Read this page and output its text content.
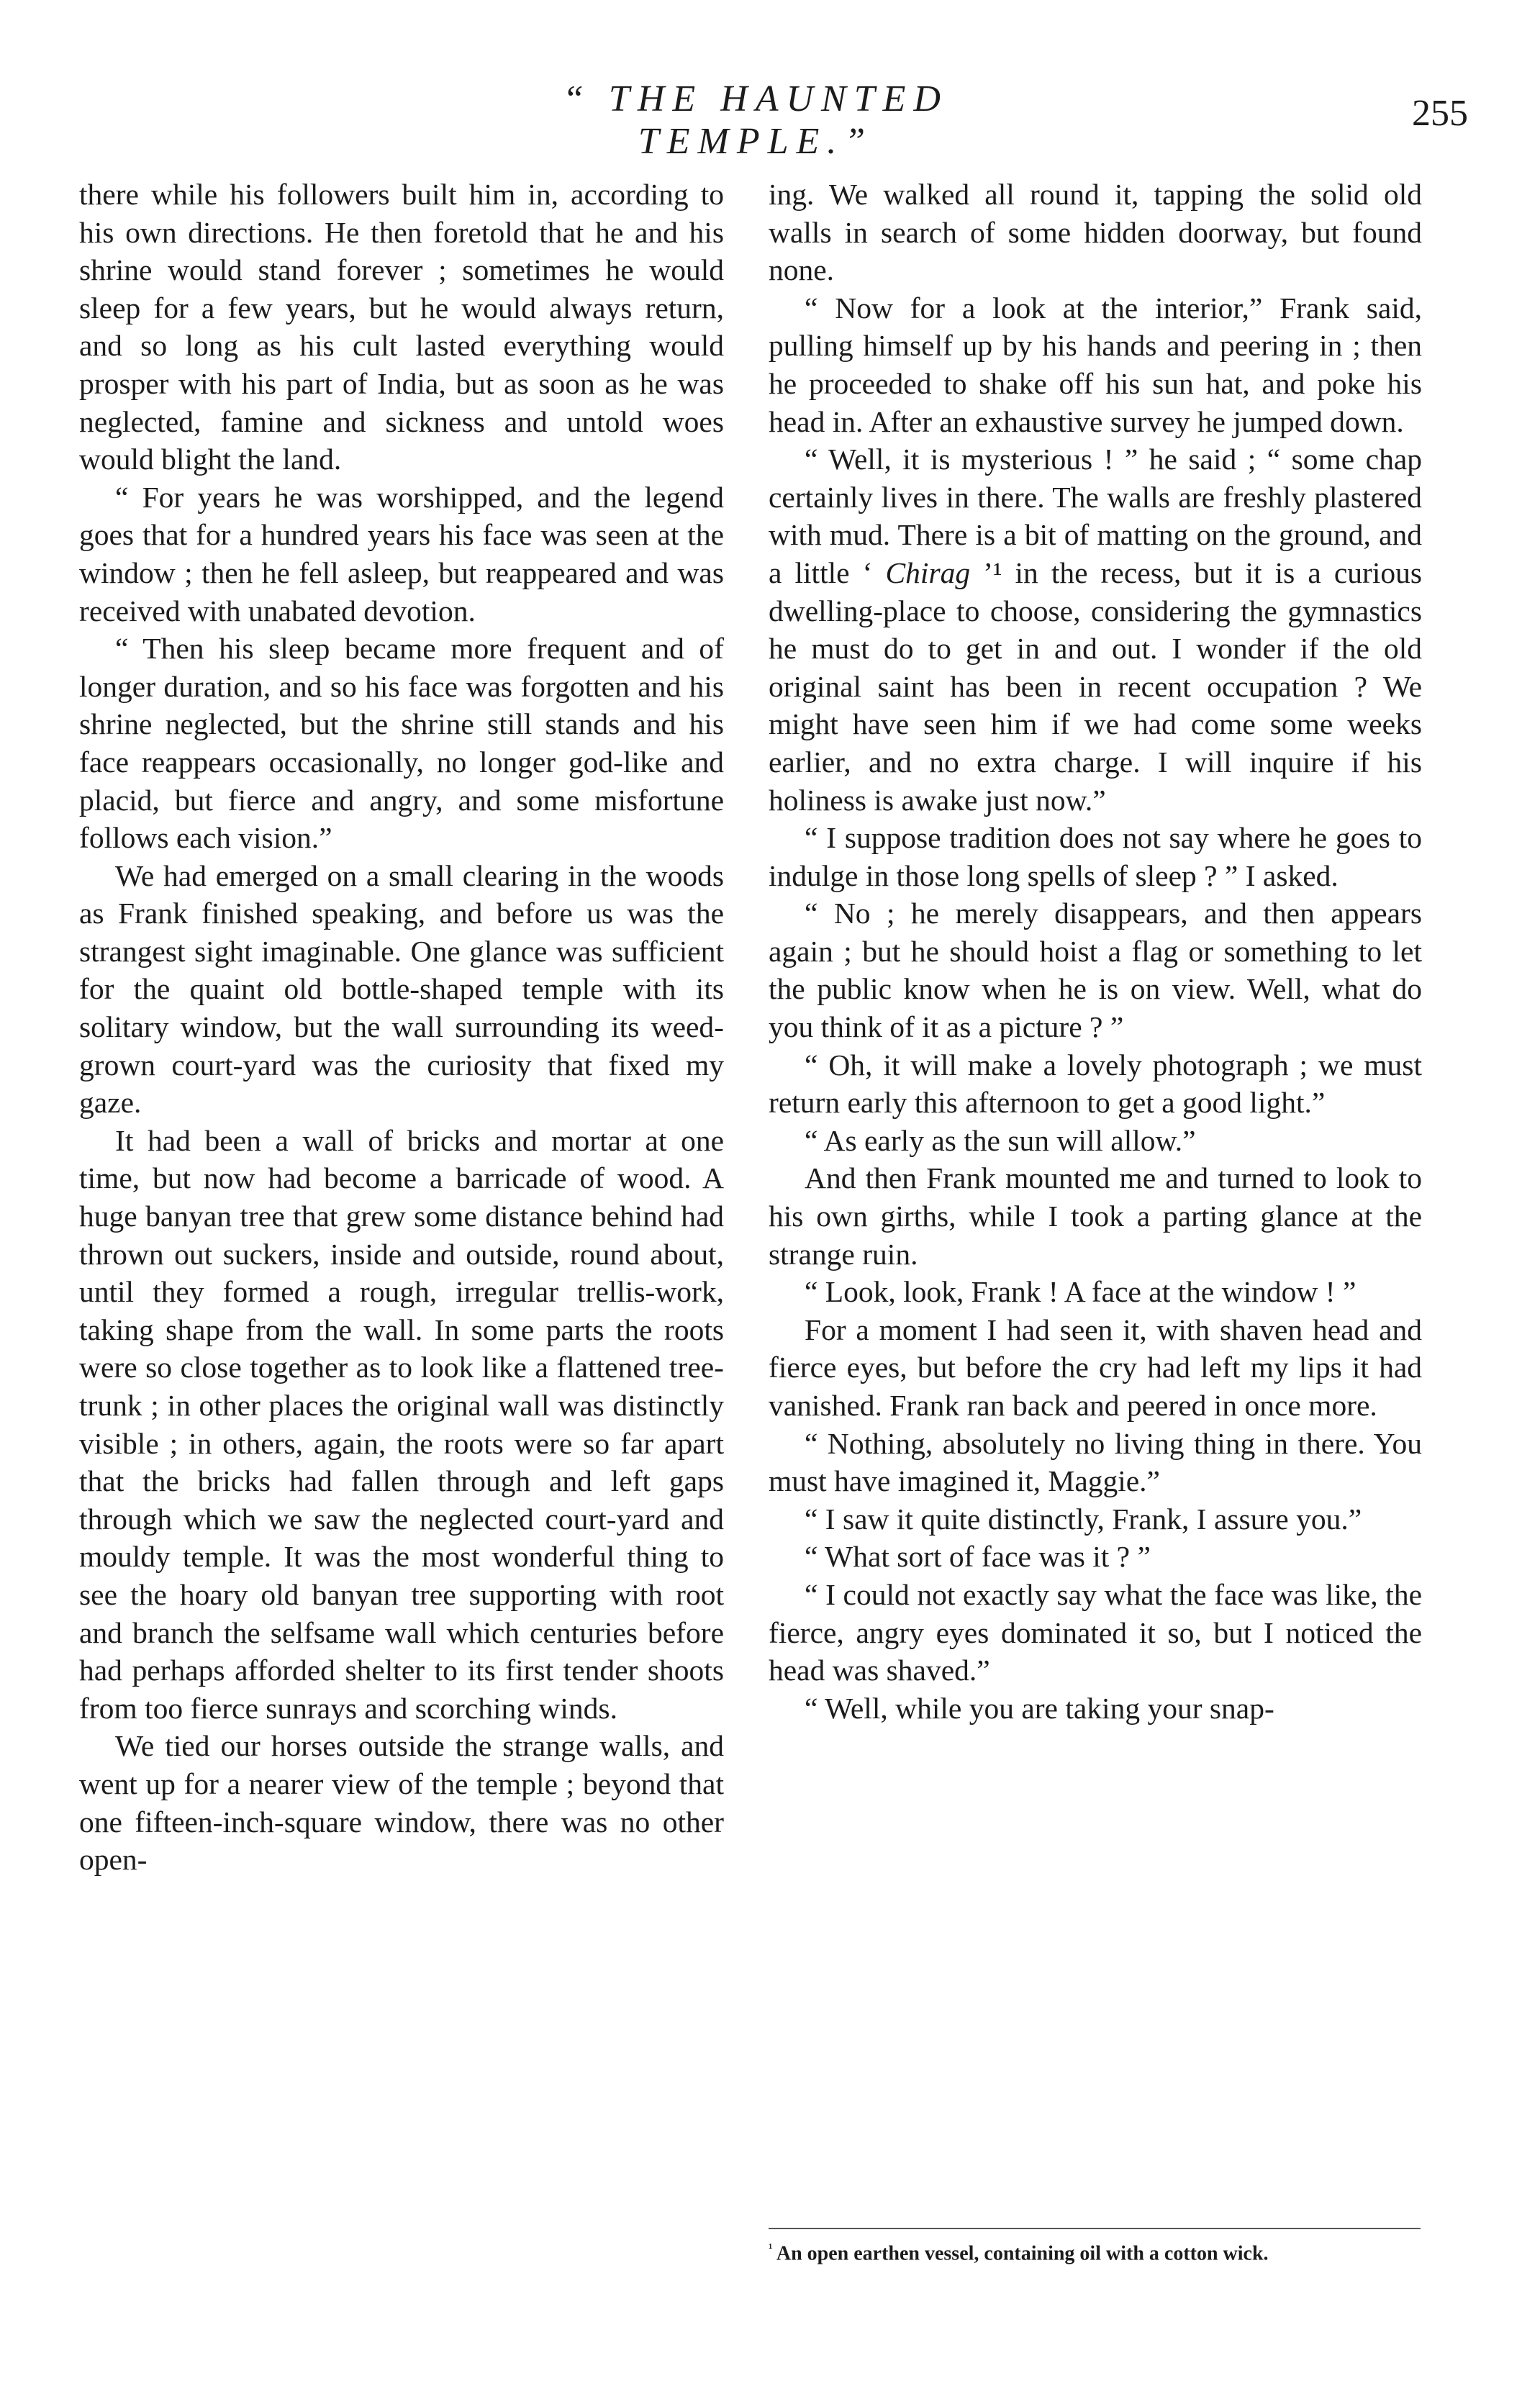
“ THE HAUNTED TEMPLE.”
255

there while his followers built him in, according to his own directions. He then foretold that he and his shrine would stand forever ; sometimes he would sleep for a few years, but he would always return, and so long as his cult lasted everything would prosper with his part of India, but as soon as he was neglected, famine and sickness and untold woes would blight the land.

“ For years he was worshipped, and the legend goes that for a hundred years his face was seen at the window ; then he fell asleep, but reappeared and was received with unabated devotion.

“ Then his sleep became more frequent and of longer duration, and so his face was forgotten and his shrine neglected, but the shrine still stands and his face reappears occasionally, no longer god-like and placid, but fierce and angry, and some misfortune follows each vision.”

We had emerged on a small clearing in the woods as Frank finished speaking, and before us was the strangest sight imaginable. One glance was sufficient for the quaint old bottle-shaped temple with its solitary window, but the wall surrounding its weed-grown court-yard was the curiosity that fixed my gaze.

It had been a wall of bricks and mortar at one time, but now had become a barricade of wood. A huge banyan tree that grew some distance behind had thrown out suckers, inside and outside, round about, until they formed a rough, irregular trellis-work, taking shape from the wall. In some parts the roots were so close together as to look like a flattened tree-trunk ; in other places the original wall was distinctly visible ; in others, again, the roots were so far apart that the bricks had fallen through and left gaps through which we saw the neglected court-yard and mouldy temple. It was the most wonderful thing to see the hoary old banyan tree supporting with root and branch the selfsame wall which centuries before had perhaps afforded shelter to its first tender shoots from too fierce sunrays and scorching winds.

We tied our horses outside the strange walls, and went up for a nearer view of the temple ; beyond that one fifteen-inch-square window, there was no other open-

ing. We walked all round it, tapping the solid old walls in search of some hidden doorway, but found none.

“ Now for a look at the interior,” Frank said, pulling himself up by his hands and peering in ; then he proceeded to shake off his sun hat, and poke his head in. After an exhaustive survey he jumped down.

“ Well, it is mysterious ! ” he said ; “ some chap certainly lives in there. The walls are freshly plastered with mud. There is a bit of matting on the ground, and a little ‘ Chirag ’¹ in the recess, but it is a curious dwelling-place to choose, considering the gymnastics he must do to get in and out. I wonder if the old original saint has been in recent occupation ? We might have seen him if we had come some weeks earlier, and no extra charge. I will inquire if his holiness is awake just now.”

“ I suppose tradition does not say where he goes to indulge in those long spells of sleep ? ” I asked.

“ No ; he merely disappears, and then appears again ; but he should hoist a flag or something to let the public know when he is on view. Well, what do you think of it as a picture ? ”

“ Oh, it will make a lovely photograph ; we must return early this afternoon to get a good light.”

“ As early as the sun will allow.”

And then Frank mounted me and turned to look to his own girths, while I took a parting glance at the strange ruin.

“ Look, look, Frank ! A face at the window ! ”

For a moment I had seen it, with shaven head and fierce eyes, but before the cry had left my lips it had vanished. Frank ran back and peered in once more.

“ Nothing, absolutely no living thing in there. You must have imagined it, Maggie.”

“ I saw it quite distinctly, Frank, I assure you.”

“ What sort of face was it ? ”

“ I could not exactly say what the face was like, the fierce, angry eyes dominated it so, but I noticed the head was shaved.”

“ Well, while you are taking your snap-

$^{^1}$ An open earthen vessel, containing oil with a cotton wick.
